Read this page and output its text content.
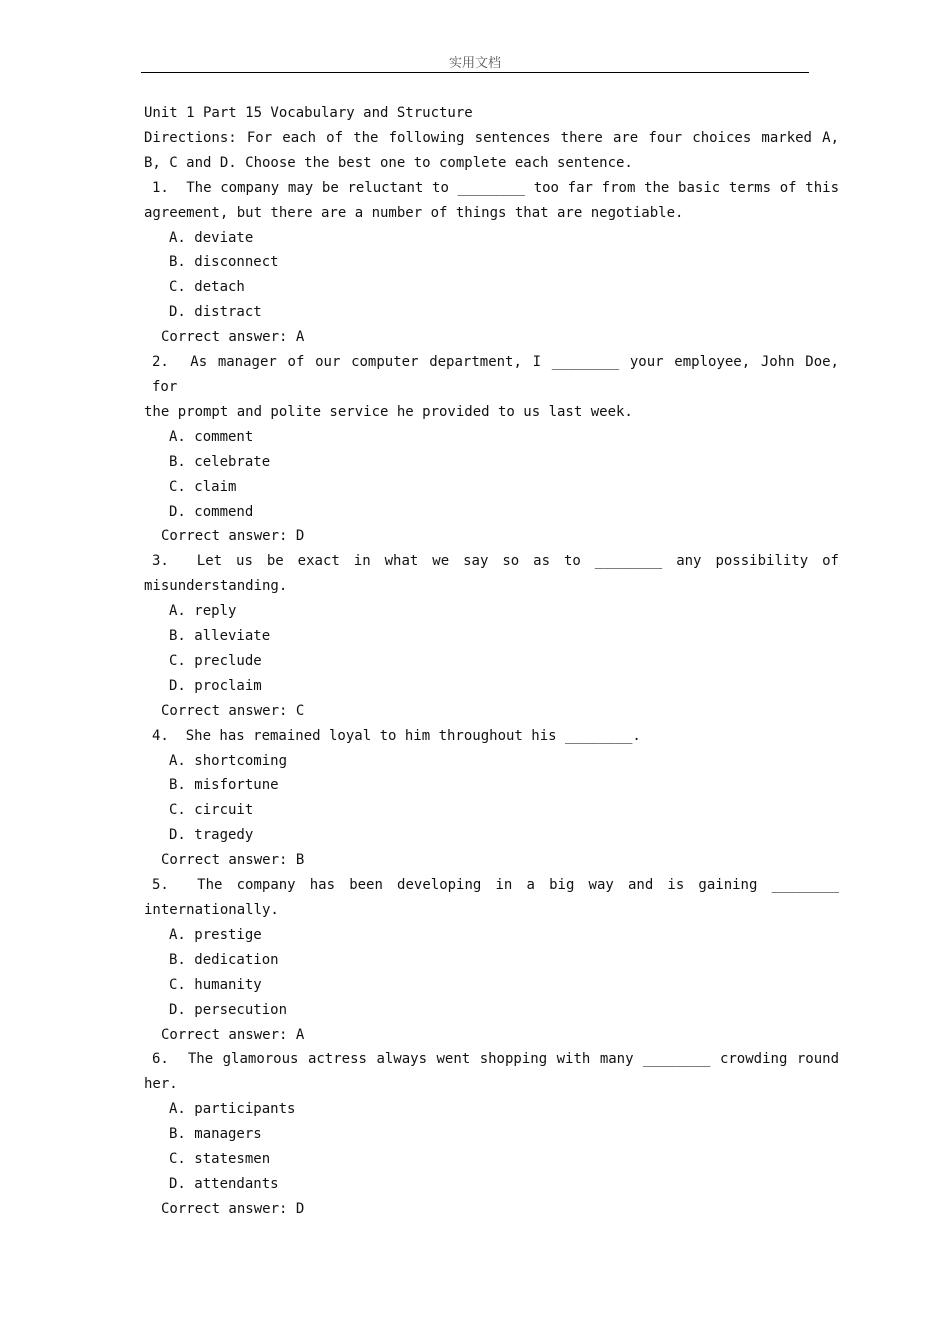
实用文档
Unit 1 Part 15 Vocabulary and Structure
Directions: For each of the following sentences there are four choices marked A,
B, C and D. Choose the best one to complete each sentence.
1.  The company may be reluctant to ________ too far from the basic terms of this
agreement, but there are a number of things that are negotiable.
A. deviate
B. disconnect
C. detach
D. distract
Correct answer: A
2.  As manager of our computer department, I ________ your employee, John Doe, for
the prompt and polite service he provided to us last week.
A. comment
B. celebrate
C. claim
D. commend
Correct answer: D
3.  Let us be exact in what we say so as to ________ any possibility of
misunderstanding.
A. reply
B. alleviate
C. preclude
D. proclaim
Correct answer: C
4.  She has remained loyal to him throughout his ________.
A. shortcoming
B. misfortune
C. circuit
D. tragedy
Correct answer: B
5.  The company has been developing in a big way and is gaining ________
internationally.
A. prestige
B. dedication
C. humanity
D. persecution
Correct answer: A
6.  The glamorous actress always went shopping with many ________ crowding round
her.
A. participants
B. managers
C. statesmen
D. attendants
Correct answer: D
